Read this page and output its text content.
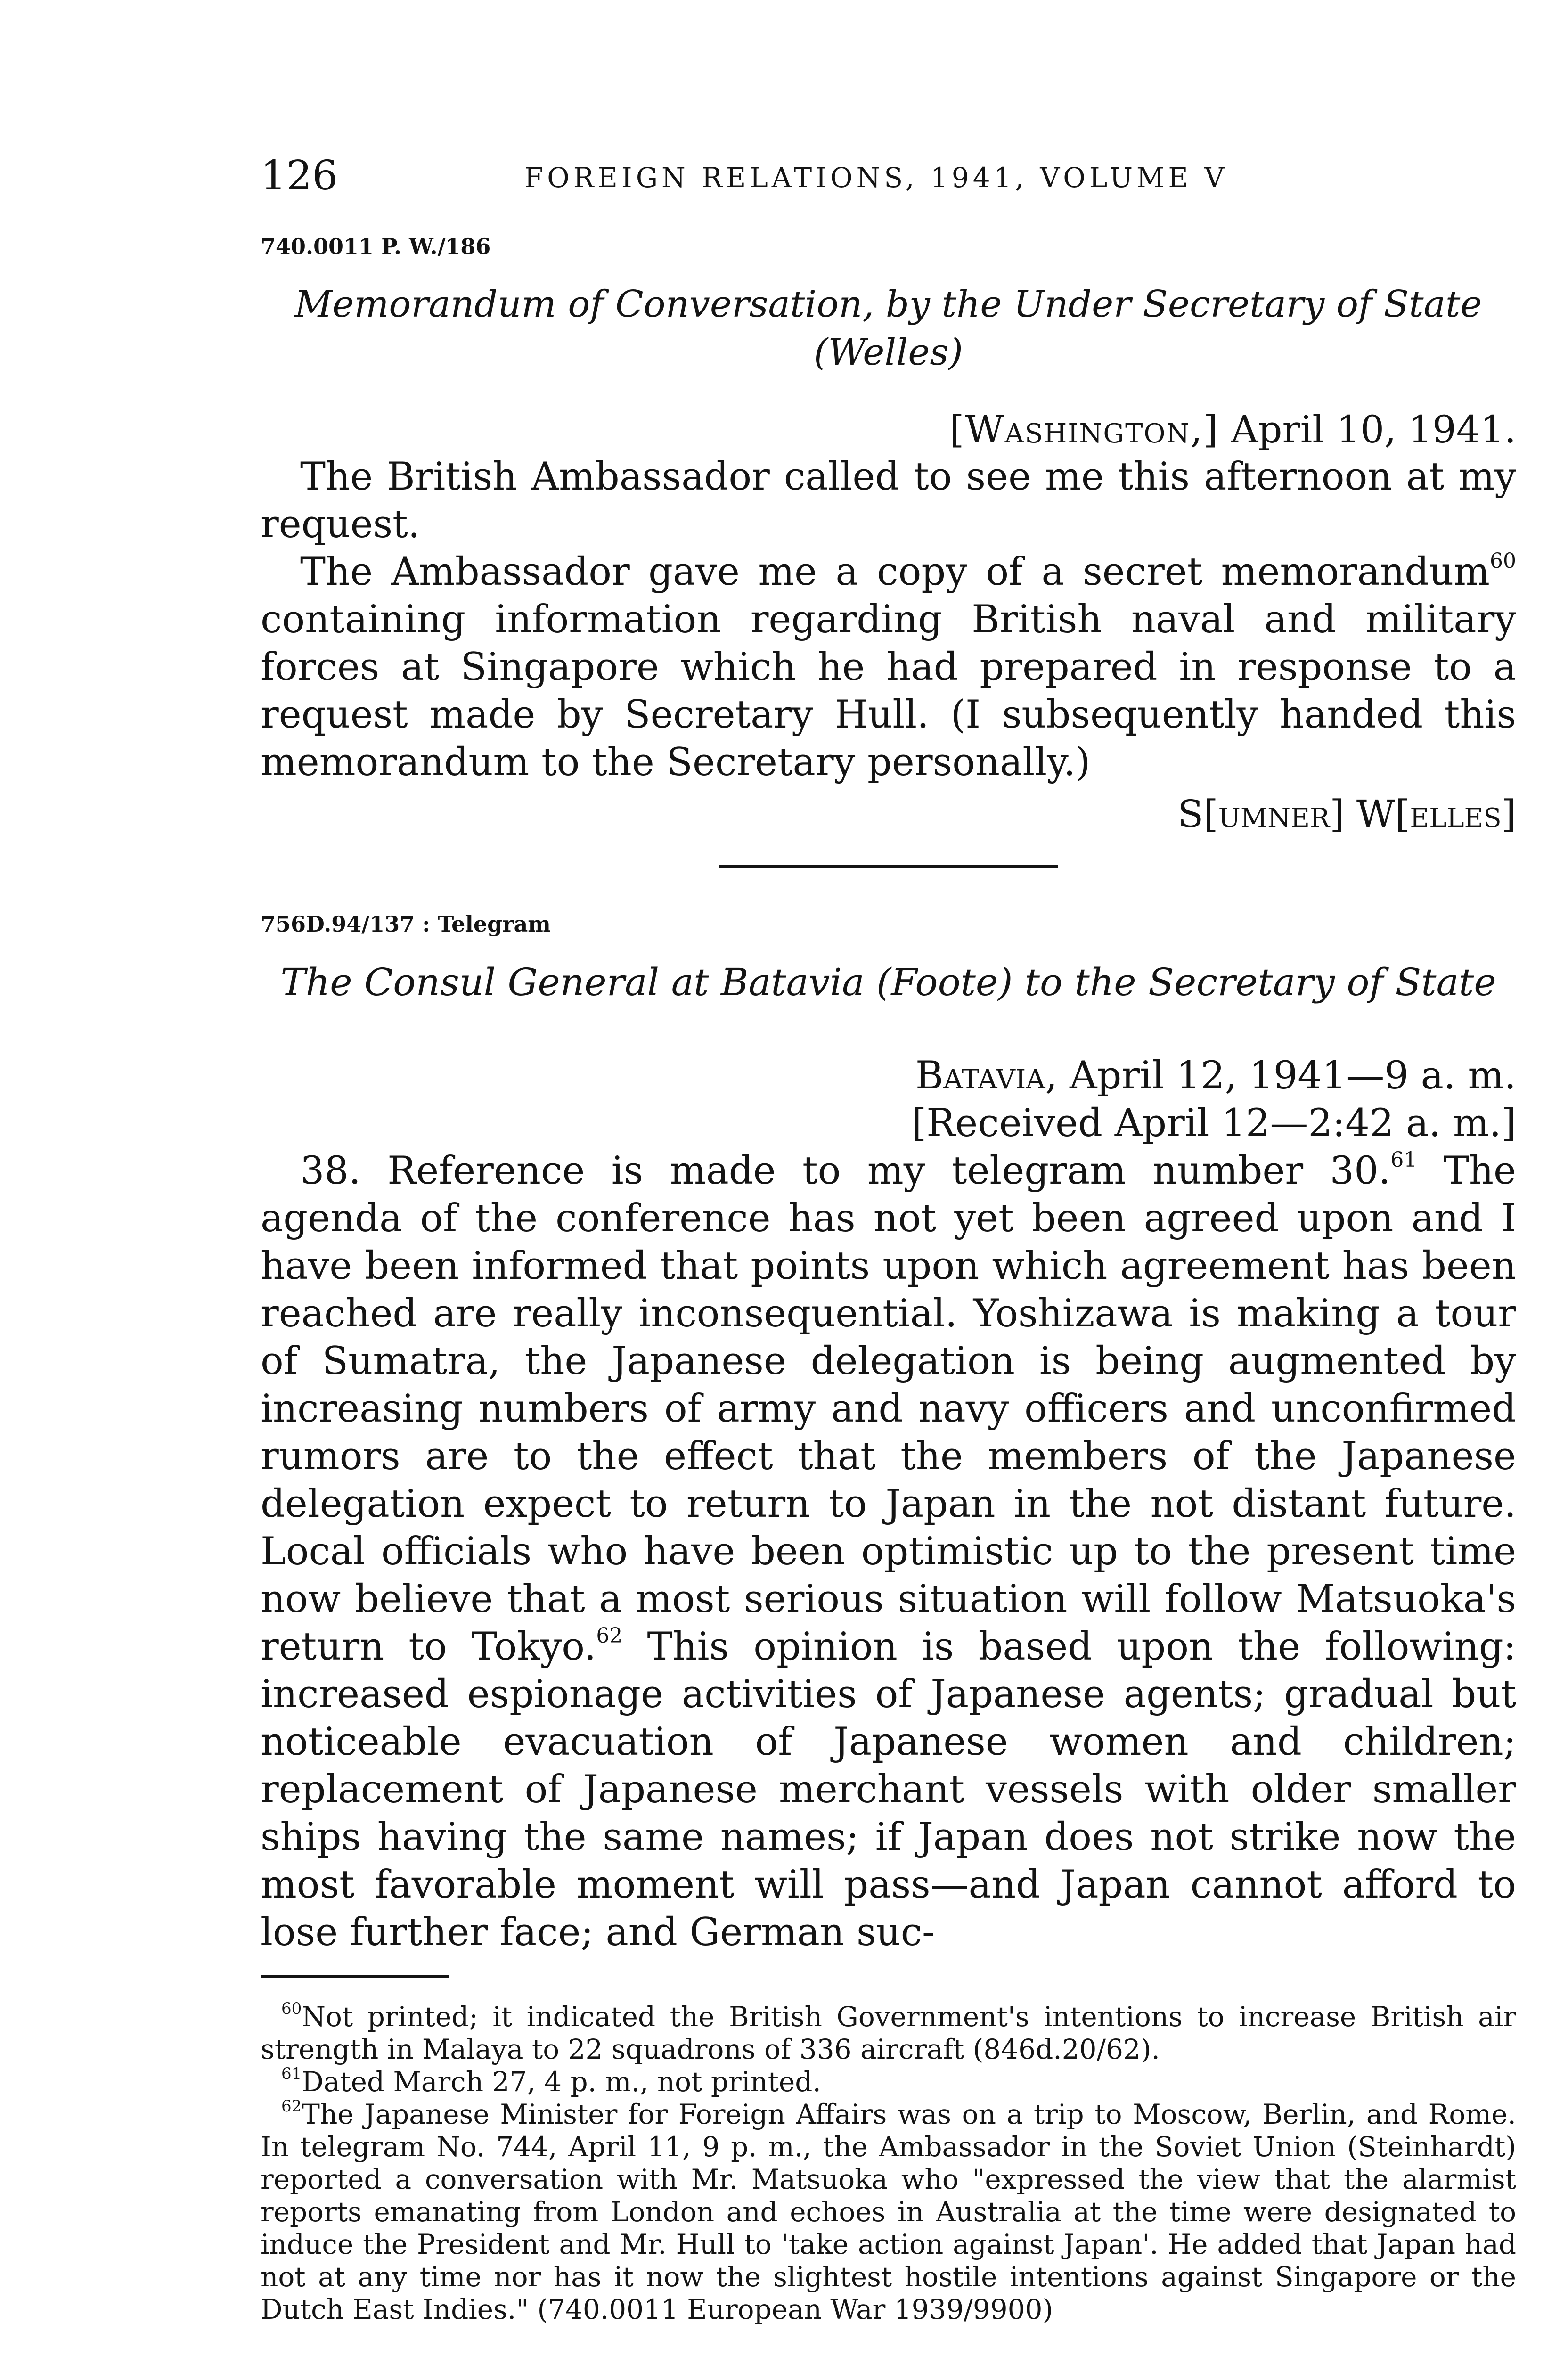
126	FOREIGN RELATIONS, 1941, VOLUME V
740.0011 P. W./186
Memorandum of Conversation, by the Under Secretary of State
(Welles)
[Washington,] April 10, 1941.

The British Ambassador called to see me this afternoon at my request.

The Ambassador gave me a copy of a secret memorandum$^{60}$ containing information regarding British naval and military forces at Singapore which he had prepared in response to a request made by Secretary Hull. (I subsequently handed this memorandum to the Secretary personally.)

S[umner] W[elles]
756D.94/137 : Telegram
The Consul General at Batavia (Foote) to the Secretary of State
Batavia, April 12, 1941—9 a. m.
[Received April 12—2:42 a. m.]

38. Reference is made to my telegram number 30.61 The agenda of the conference has not yet been agreed upon and I have been informed that points upon which agreement has been reached are really inconsequential. Yoshizawa is making a tour of Sumatra, the Japanese delegation is being augmented by increasing numbers of army and navy officers and unconfirmed rumors are to the effect that the members of the Japanese delegation expect to return to Japan in the not distant future. Local officials who have been optimistic up to the present time now believe that a most serious situation will follow Matsuoka's return to Tokyo.$^{62}$ This opinion is based upon the following: increased espionage activities of Japanese agents; gradual but noticeable evacuation of Japanese women and children; replacement of Japanese merchant vessels with older smaller ships having the same names; if Japan does not strike now the most favorable moment will pass—and Japan cannot afford to lose further face; and German suc-

$^{60}$Not printed; it indicated the British Government's intentions to increase British air strength in Malaya to 22 squadrons of 336 aircraft (846d.20/62).

$^{61}$Dated March 27, 4 p. m., not printed.

$^{62}$The Japanese Minister for Foreign Affairs was on a trip to Moscow, Berlin, and Rome. In telegram No. 744, April 11, 9 p. m., the Ambassador in the Soviet Union (Steinhardt) reported a conversation with Mr. Matsuoka who "expressed the view that the alarmist reports emanating from London and echoes in Australia at the time were designated to induce the President and Mr. Hull to 'take action against Japan'. He added that Japan had not at any time nor has it now the slightest hostile intentions against Singapore or the Dutch East Indies." (740.0011 European War 1939/9900)
